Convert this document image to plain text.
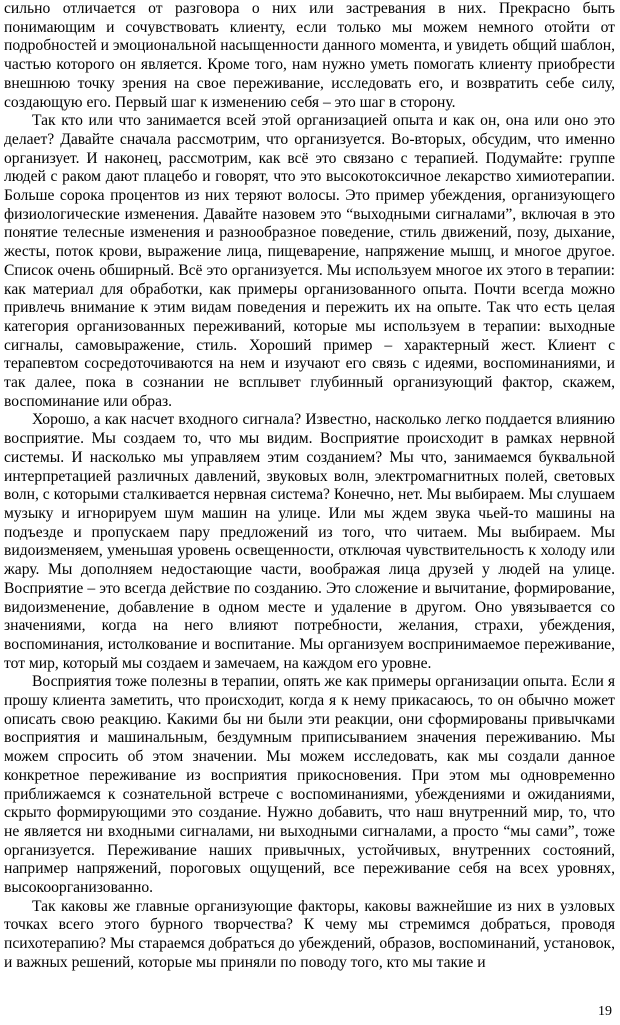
сильно отличается от разговора о них или застревания в них. Прекрасно быть понимающим и сочувствовать клиенту, если только мы можем немного отойти от подробностей и эмоциональной насыщенности данного момента, и увидеть общий шаблон, частью которого он является. Кроме того, нам нужно уметь помогать клиенту приобрести внешнюю точку зрения на свое переживание, исследовать его, и возвратить себе силу, создающую его. Первый шаг к изменению себя – это шаг в сторону.

Так кто или что занимается всей этой организацией опыта и как он, она или оно это делает? Давайте сначала рассмотрим, что организуется. Во-вторых, обсудим, что именно организует. И наконец, рассмотрим, как всё это связано с терапией. Подумайте: группе людей с раком дают плацебо и говорят, что это высокотоксичное лекарство химиотерапии. Больше сорока процентов из них теряют волосы. Это пример убеждения, организующего физиологические изменения. Давайте назовем это “выходными сигналами”, включая в это понятие телесные изменения и разнообразное поведение, стиль движений, позу, дыхание, жесты, поток крови, выражение лица, пищеварение, напряжение мышц, и многое другое. Список очень обширный. Всё это организуется. Мы используем многое их этого в терапии: как материал для обработки, как примеры организованного опыта. Почти всегда можно привлечь внимание к этим видам поведения и пережить их на опыте. Так что есть целая категория организованных переживаний, которые мы используем в терапии: выходные сигналы, самовыражение, стиль. Хороший пример – характерный жест. Клиент с терапевтом сосредоточиваются на нем и изучают его связь с идеями, воспоминаниями, и так далее, пока в сознании не всплывет глубинный организующий фактор, скажем, воспоминание или образ.

Хорошо, а как насчет входного сигнала? Известно, насколько легко поддается влиянию восприятие. Мы создаем то, что мы видим. Восприятие происходит в рамках нервной системы. И насколько мы управляем этим созданием? Мы что, занимаемся буквальной интерпретацией различных давлений, звуковых волн, электромагнитных полей, световых волн, с которыми сталкивается нервная система? Конечно, нет. Мы выбираем. Мы слушаем музыку и игнорируем шум машин на улице. Или мы ждем звука чьей-то машины на подъезде и пропускаем пару предложений из того, что читаем. Мы выбираем. Мы видоизменяем, уменьшая уровень освещенности, отключая чувствительность к холоду или жару. Мы дополняем недостающие части, воображая лица друзей у людей на улице. Восприятие – это всегда действие по созданию. Это сложение и вычитание, формирование, видоизменение, добавление в одном месте и удаление в другом. Оно увязывается со значениями, когда на него влияют потребности, желания, страхи, убеждения, воспоминания, истолкование и воспитание. Мы организуем воспринимаемое переживание, тот мир, который мы создаем и замечаем, на каждом его уровне.

Восприятия тоже полезны в терапии, опять же как примеры организации опыта. Если я прошу клиента заметить, что происходит, когда я к нему прикасаюсь, то он обычно может описать свою реакцию. Какими бы ни были эти реакции, они сформированы привычками восприятия и машинальным, бездумным приписыванием значения переживанию. Мы можем спросить об этом значении. Мы можем исследовать, как мы создали данное конкретное переживание из восприятия прикосновения. При этом мы одновременно приближаемся к сознательной встрече с воспоминаниями, убеждениями и ожиданиями, скрыто формирующими это создание. Нужно добавить, что наш внутренний мир, то, что не является ни входными сигналами, ни выходными сигналами, а просто “мы сами”, тоже организуется. Переживание наших привычных, устойчивых, внутренних состояний, например напряжений, пороговых ощущений, все переживание себя на всех уровнях, высокоорганизованно.

Так каковы же главные организующие факторы, каковы важнейшие из них в узловых точках всего этого бурного творчества? К чему мы стремимся добраться, проводя психотерапию? Мы стараемся добраться до убеждений, образов, воспоминаний, установок, и важных решений, которые мы приняли по поводу того, кто мы такие и

19
